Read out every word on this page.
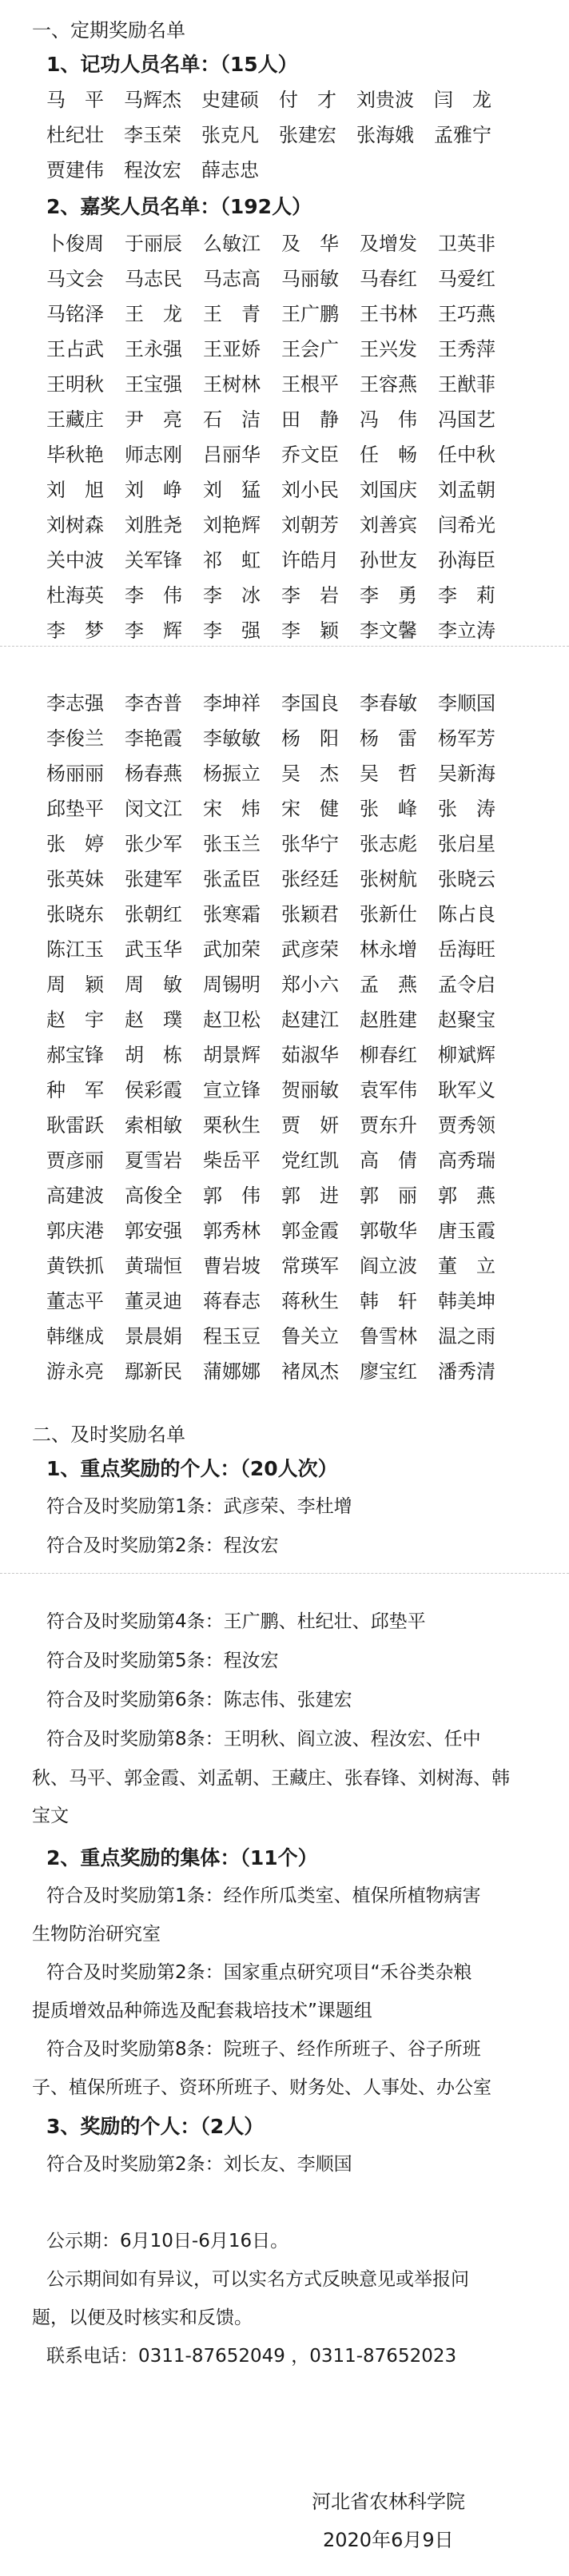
一、定期奖励名单
1、记功人员名单：（15人）
马　平	马辉杰	史建硕	付　才	刘贵波	闫　龙
杜纪壮	李玉荣	张克凡	张建宏	张海娥	孟雅宁
贾建伟	程汝宏	薛志忠
2、嘉奖人员名单：（192人）
卜俊周	于丽辰	么敏江	及　华	及增发	卫英非
马文会	马志民	马志高	马丽敏	马春红	马爱红
马铭泽	王　龙	王　青	王广鹏	王书林	王巧燕
王占武	王永强	王亚娇	王会广	王兴发	王秀萍
王明秋	王宝强	王树林	王根平	王容燕	王猷菲
王藏庄	尹　亮	石　洁	田　静	冯　伟	冯国艺
毕秋艳	师志刚	吕丽华	乔文臣	任　畅	任中秋
刘　旭	刘　峥	刘　猛	刘小民	刘国庆	刘孟朝
刘树森	刘胜尧	刘艳辉	刘朝芳	刘善宾	闫希光
关中波	关军锋	祁　虹	许皓月	孙世友	孙海臣
杜海英	李　伟	李　冰	李　岩	李　勇	李　莉
李　梦	李　辉	李　强	李　颖	李文馨	李立涛
李志强	李杏普	李坤祥	李国良	李春敏	李顺国
李俊兰	李艳霞	李敏敏	杨　阳	杨　雷	杨军芳
杨丽丽	杨春燕	杨振立	吴　杰	吴　哲	吴新海
邱垫平	闵文江	宋　炜	宋　健	张　峰	张　涛
张　婷	张少军	张玉兰	张华宁	张志彪	张启星
张英妹	张建军	张孟臣	张经廷	张树航	张晓云
张晓东	张朝红	张寒霜	张颖君	张新仕	陈占良
陈江玉	武玉华	武加荣	武彦荣	林永增	岳海旺
周　颖	周　敏	周锡明	郑小六	孟　燕	孟令启
赵　宇	赵　璞	赵卫松	赵建江	赵胜建	赵聚宝
郝宝锋	胡　栋	胡景辉	茹淑华	柳春红	柳斌辉
种　军	侯彩霞	宣立锋	贺丽敏	袁军伟	耿军义
耿雷跃	索相敏	栗秋生	贾　妍	贾东升	贾秀领
贾彦丽	夏雪岩	柴岳平	党红凯	高　倩	高秀瑞
高建波	高俊全	郭　伟	郭　进	郭　丽	郭　燕
郭庆港	郭安强	郭秀林	郭金霞	郭敬华	唐玉霞
黄铁抓	黄瑞恒	曹岩坡	常瑛军	阎立波	董　立
董志平	董灵迪	蒋春志	蒋秋生	韩　轩	韩美坤
韩继成	景晨娟	程玉豆	鲁关立	鲁雪林	温之雨
游永亮	鄢新民	蒲娜娜	褚凤杰	廖宝红	潘秀清
二、及时奖励名单
1、重点奖励的个人：（20人次）
符合及时奖励第1条：武彦荣、李杜增
符合及时奖励第2条：程汝宏
符合及时奖励第4条：王广鹏、杜纪壮、邱垫平
符合及时奖励第5条：程汝宏
符合及时奖励第6条：陈志伟、张建宏
符合及时奖励第8条：王明秋、阎立波、程汝宏、任中
秋、马平、郭金霞、刘孟朝、王藏庄、张春锋、刘树海、韩
宝文
2、重点奖励的集体：（11个）
符合及时奖励第1条：经作所瓜类室、植保所植物病害
生物防治研究室
符合及时奖励第2条：国家重点研究项目“禾谷类杂粮
提质增效品种筛选及配套栽培技术”课题组
符合及时奖励第8条：院班子、经作所班子、谷子所班
子、植保所班子、资环所班子、财务处、人事处、办公室
3、奖励的个人：（2人）
符合及时奖励第2条：刘长友、李顺国
公示期：6月10日-6月16日。
公示期间如有异议，可以实名方式反映意见或举报问
题，以便及时核实和反馈。
联系电话：0311-87652049 ，0311-87652023
河北省农林科学院
2020年6月9日
